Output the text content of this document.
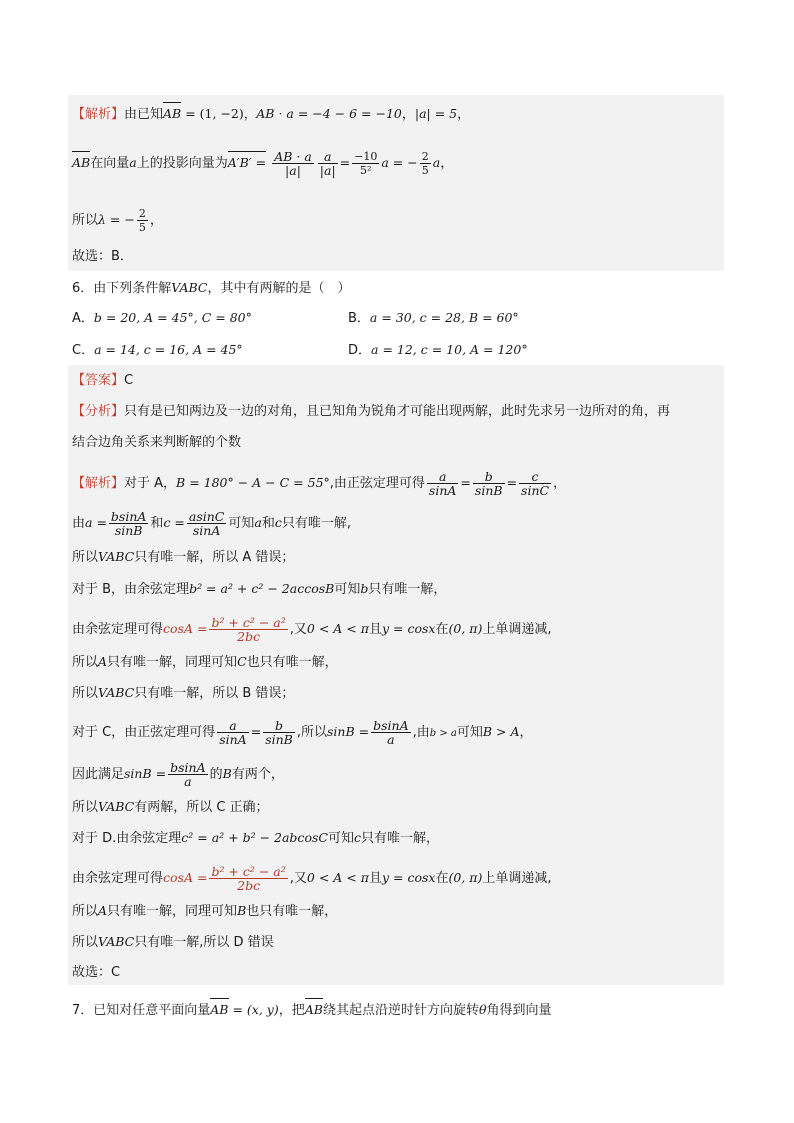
【解析】由已知AB = (1, −2)，AB · a = −4 − 6 = −10，|a| = 5，
AB在向量a上的投影向量为$A'B' = \frac{AB \cdot a}{|a|} \frac{a}{|a|} = \frac{-10}{\text{5²}}$ a = − $\frac{2}{5}$ a，
所以λ = − $\frac{2}{5}$ ，
故选：B．
6．由下列条件解VABC，其中有两解的是（　）
A．b = 20, A = 45°, C = 80°	B．a = 30, c = 28, B = 60°
C．a = 14, c = 16, A = 45°	D．a = 12, c = 10, A = 120°
【答案】C
【分析】只有是已知两边及一边的对角，且已知角为锐角才可能出现两解，此时先求另一边所对的角，再
结合边角关系来判断解的个数
【解析】对于 A，B = 180° − A − C = 55°,由正弦定理可得 $\frac{a}{\sin A} = \frac{b}{\sin B} = \frac{c}{\sin C}$ ，
由$a = \frac{bsinA}{\sin B}$ 和$c = \frac{asinC}{\sin A}$ 可知a和c只有唯一解,
所以VABC只有唯一解，所以 A 错误；
对于 B，由余弦定理b² = a² + c² − 2accosB可知b只有唯一解，
由余弦定理可得$\cos A = \frac{\text{b² + c² − a²}}{2bc}$ ,又0 < A < π且y = cosx在(0, π)上单调递减,
所以A只有唯一解，同理可知C也只有唯一解，
所以VABC只有唯一解，所以 B 错误；
对于 C，由正弦定理可得 $\frac{a}{\sin A} = \frac{b}{\sin B}$ ,所以$\sin B = \frac{bsinA}{a}$ ,由b > a可知B > A，
因此满足$\sin B = \frac{bsinA}{a}$ 的B有两个，
所以VABC有两解，所以 C 正确；
对于 D.由余弦定理c² = a² + b² − 2abcosC可知c只有唯一解，
由余弦定理可得$\cos A = \frac{\text{b² + c² − a²}}{2bc}$ ,又0 < A < π且y = cosx在(0, π)上单调递减,
所以A只有唯一解，同理可知B也只有唯一解，
所以VABC只有唯一解,所以 D 错误
故选：C
7．已知对任意平面向量AB = (x, y)，把AB绕其起点沿逆时针方向旋转θ角得到向量
